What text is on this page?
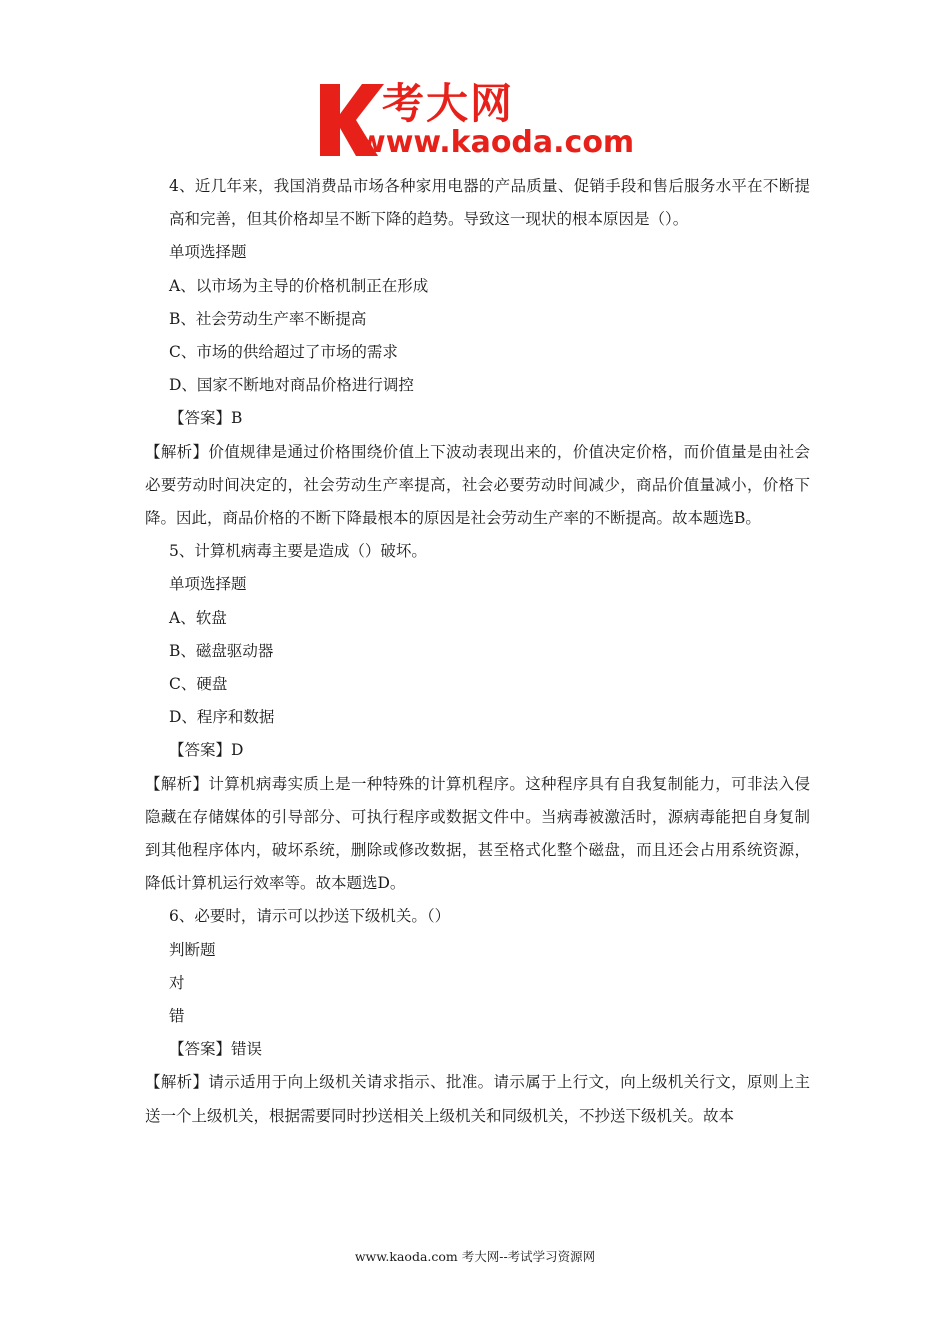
考大网
www.kaoda.com

4、近几年来，我国消费品市场各种家用电器的产品质量、促销手段和售后服务水平在不断提高和完善，但其价格却呈不断下降的趋势。导致这一现状的根本原因是（）。

单项选择题

A、以市场为主导的价格机制正在形成

B、社会劳动生产率不断提高

C、市场的供给超过了市场的需求

D、国家不断地对商品价格进行调控

【答案】B

【解析】价值规律是通过价格围绕价值上下波动表现出来的，价值决定价格，而价值量是由社会必要劳动时间决定的，社会劳动生产率提高，社会必要劳动时间减少，商品价值量减小，价格下降。因此，商品价格的不断下降最根本的原因是社会劳动生产率的不断提高。故本题选B。

5、计算机病毒主要是造成（）破坏。

单项选择题

A、软盘

B、磁盘驱动器

C、硬盘

D、程序和数据

【答案】D

【解析】计算机病毒实质上是一种特殊的计算机程序。这种程序具有自我复制能力，可非法入侵隐藏在存储媒体的引导部分、可执行程序或数据文件中。当病毒被激活时，源病毒能把自身复制到其他程序体内，破坏系统，删除或修改数据，甚至格式化整个磁盘，而且还会占用系统资源，降低计算机运行效率等。故本题选D。

6、必要时，请示可以抄送下级机关。（）

判断题

对

错

【答案】错误

【解析】请示适用于向上级机关请求指示、批准。请示属于上行文，向上级机关行文，原则上主送一个上级机关，根据需要同时抄送相关上级机关和同级机关，不抄送下级机关。故本

www.kaoda.com 考大网--考试学习资源网
